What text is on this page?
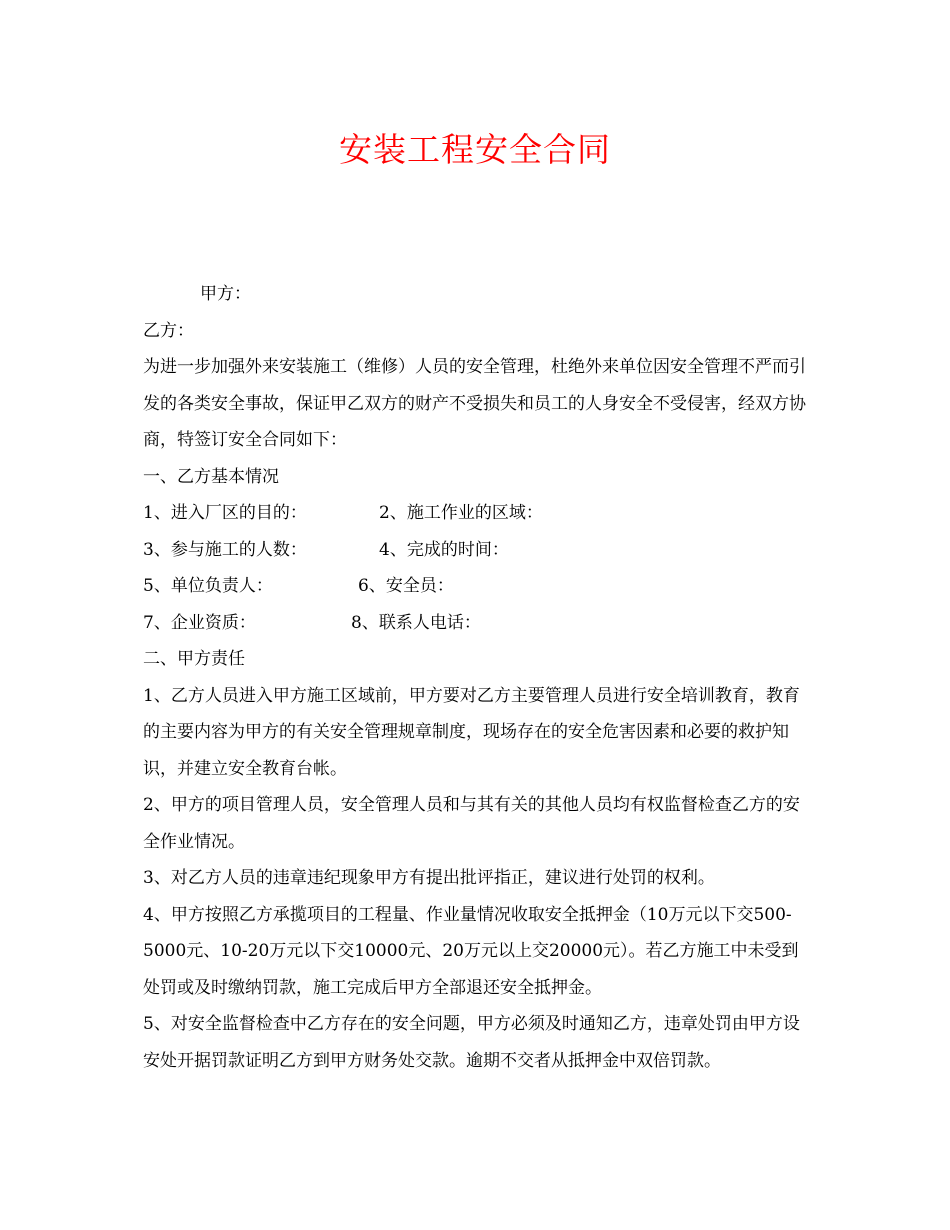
安装工程安全合同
甲方：
乙方：
为进一步加强外来安装施工（维修）人员的安全管理，杜绝外来单位因安全管理不严而引发的各类安全事故，保证甲乙双方的财产不受损失和员工的人身安全不受侵害，经双方协商，特签订安全合同如下：
一、乙方基本情况
1、进入厂区的目的：	2、施工作业的区域：
3、参与施工的人数：	4、完成的时间：
5、单位负责人：	6、安全员：
7、企业资质：	8、联系人电话：
二、甲方责任
1、乙方人员进入甲方施工区域前，甲方要对乙方主要管理人员进行安全培训教育，教育的主要内容为甲方的有关安全管理规章制度，现场存在的安全危害因素和必要的救护知识，并建立安全教育台帐。
2、甲方的项目管理人员，安全管理人员和与其有关的其他人员均有权监督检查乙方的安全作业情况。
3、对乙方人员的违章违纪现象甲方有提出批评指正，建议进行处罚的权利。
4、甲方按照乙方承揽项目的工程量、作业量情况收取安全抵押金（10万元以下交500-5000元、10-20万元以下交10000元、20万元以上交20000元）。若乙方施工中未受到处罚或及时缴纳罚款，施工完成后甲方全部退还安全抵押金。
5、对安全监督检查中乙方存在的安全问题，甲方必须及时通知乙方，违章处罚由甲方设安处开据罚款证明乙方到甲方财务处交款。逾期不交者从抵押金中双倍罚款。
